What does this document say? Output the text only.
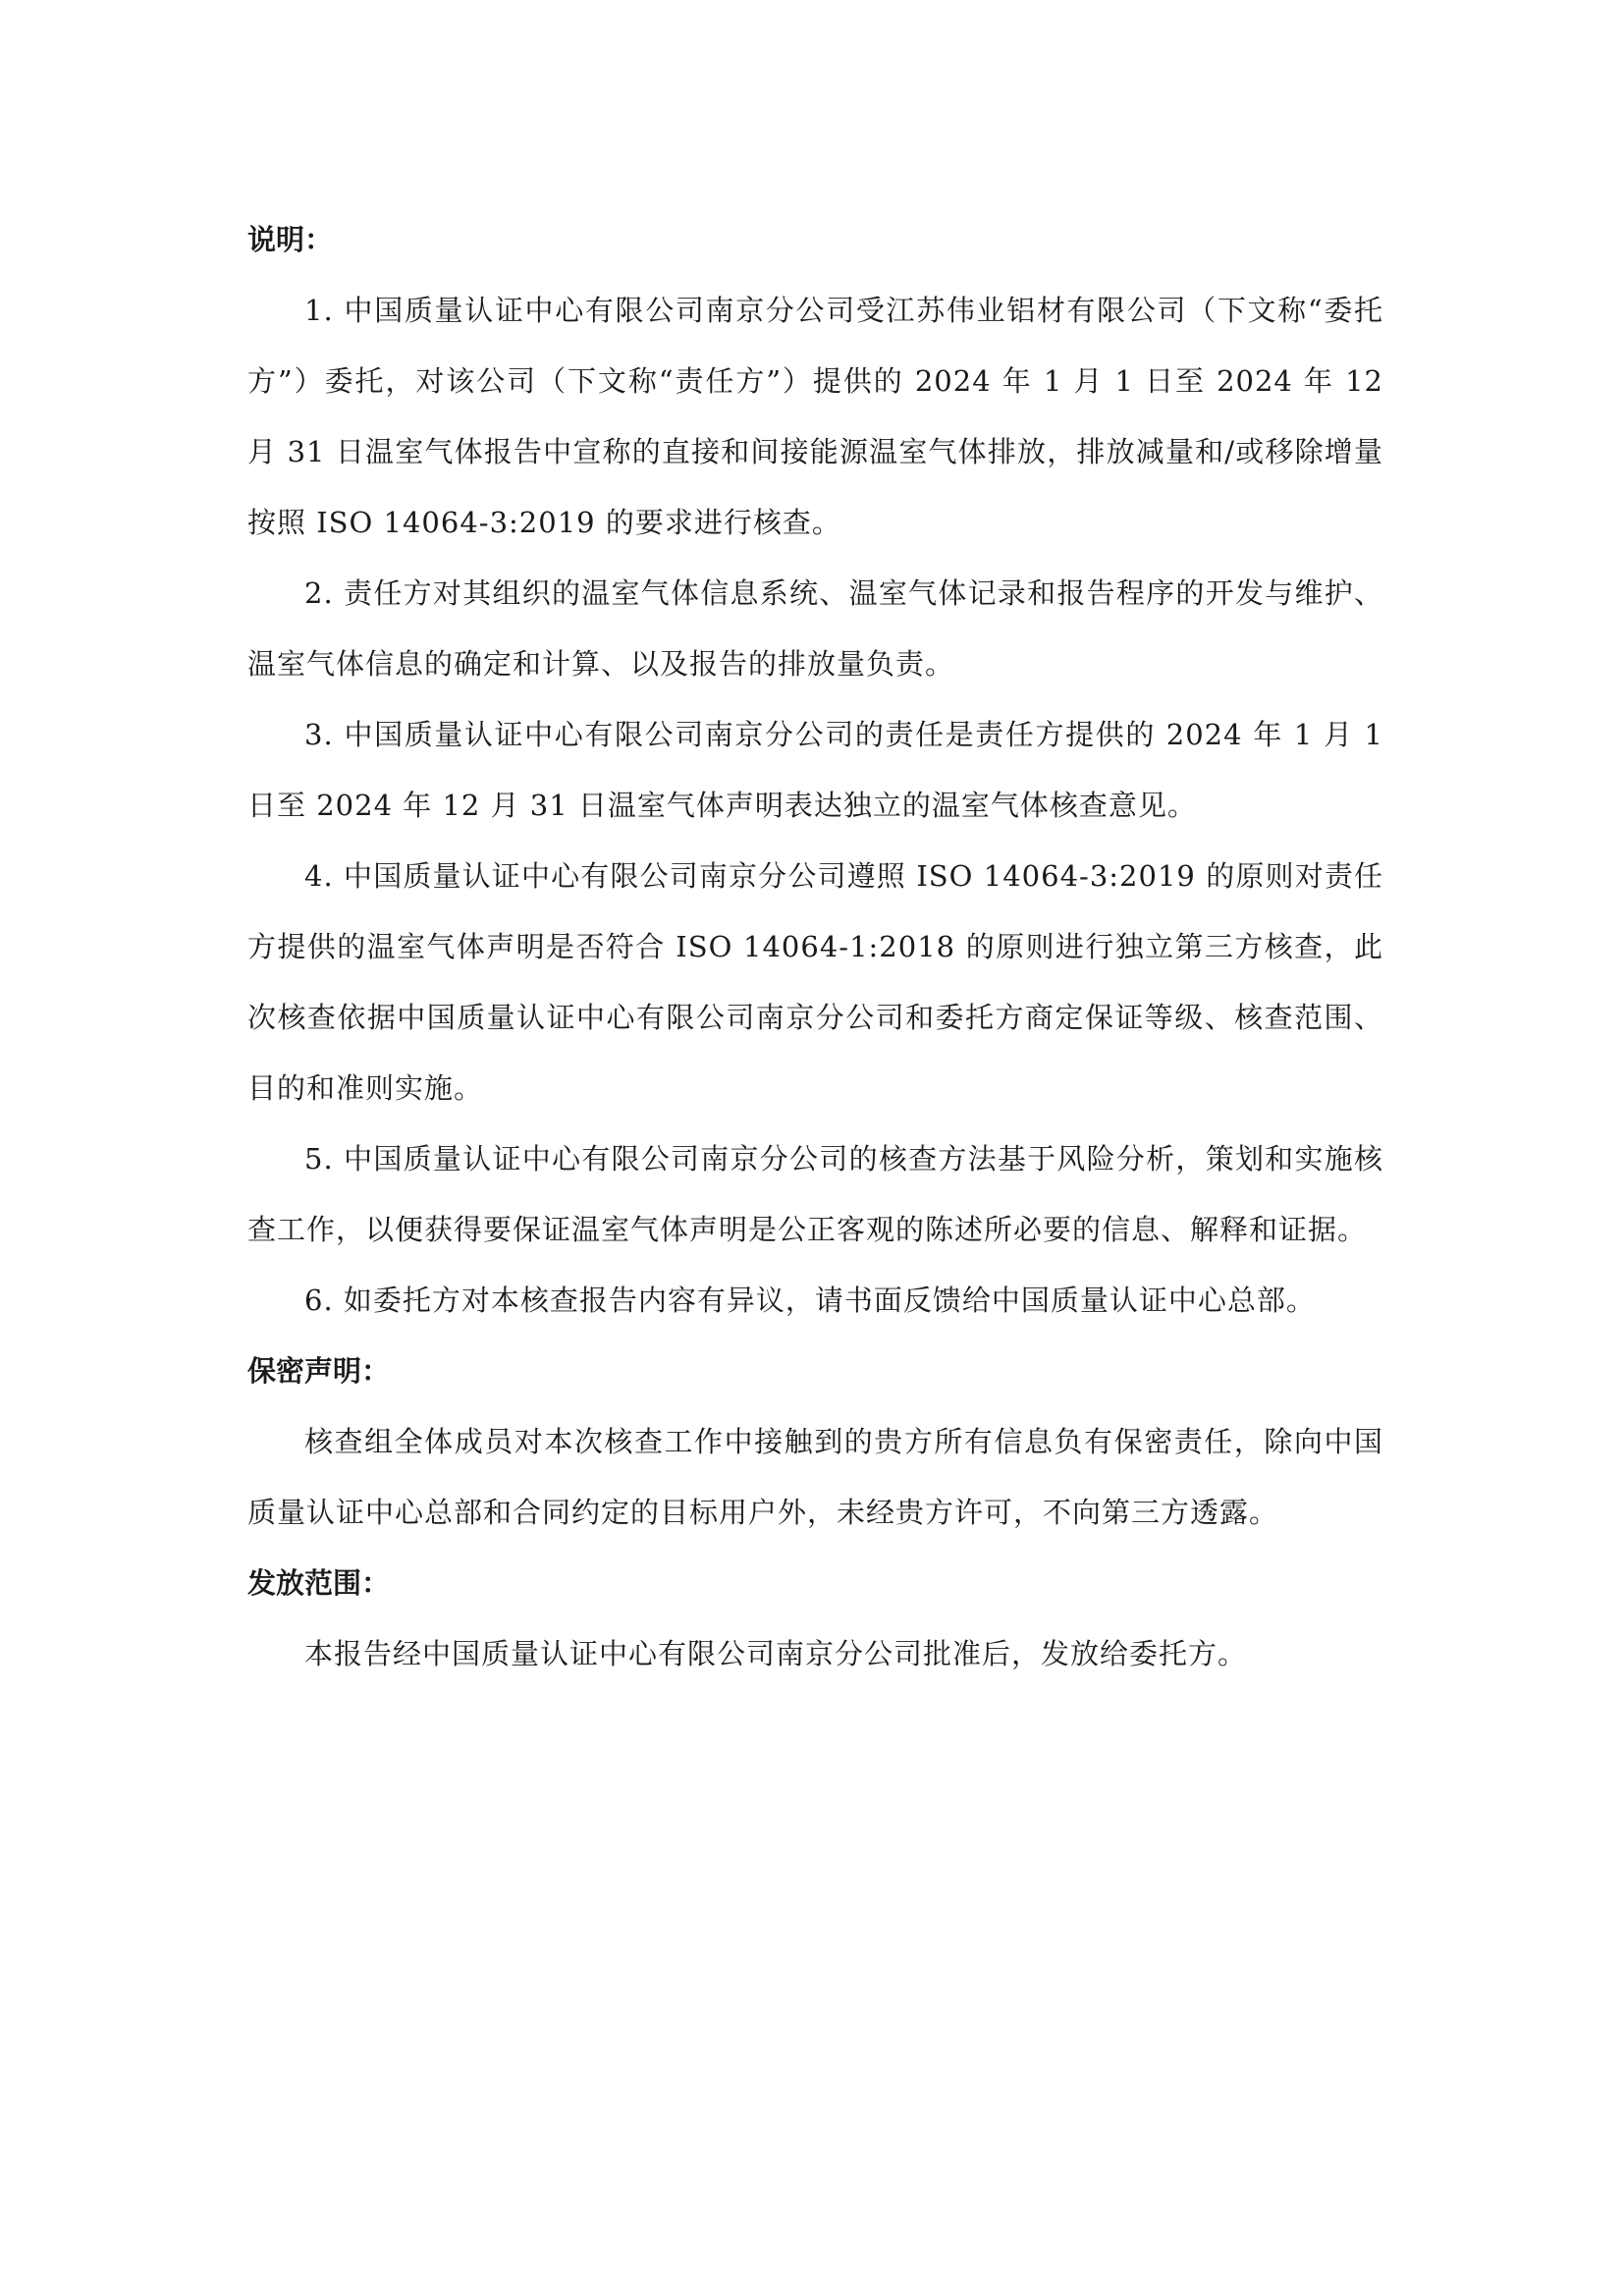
说明：

1. 中国质量认证中心有限公司南京分公司受江苏伟业铝材有限公司（下文称“委托方”）委托，对该公司（下文称“责任方”）提供的 2024 年 1 月 1 日至 2024 年 12 月 31 日温室气体报告中宣称的直接和间接能源温室气体排放，排放减量和/或移除增量按照 ISO 14064-3:2019 的要求进行核查。

2. 责任方对其组织的温室气体信息系统、温室气体记录和报告程序的开发与维护、温室气体信息的确定和计算、以及报告的排放量负责。

3. 中国质量认证中心有限公司南京分公司的责任是责任方提供的 2024 年 1 月 1 日至 2024 年 12 月 31 日温室气体声明表达独立的温室气体核查意见。

4. 中国质量认证中心有限公司南京分公司遵照 ISO 14064-3:2019 的原则对责任方提供的温室气体声明是否符合 ISO 14064-1:2018 的原则进行独立第三方核查，此次核查依据中国质量认证中心有限公司南京分公司和委托方商定保证等级、核查范围、目的和准则实施。

5. 中国质量认证中心有限公司南京分公司的核查方法基于风险分析，策划和实施核查工作，以便获得要保证温室气体声明是公正客观的陈述所必要的信息、解释和证据。

6. 如委托方对本核查报告内容有异议，请书面反馈给中国质量认证中心总部。

保密声明：

核查组全体成员对本次核查工作中接触到的贵方所有信息负有保密责任，除向中国质量认证中心总部和合同约定的目标用户外，未经贵方许可，不向第三方透露。

发放范围：

本报告经中国质量认证中心有限公司南京分公司批准后，发放给委托方。
